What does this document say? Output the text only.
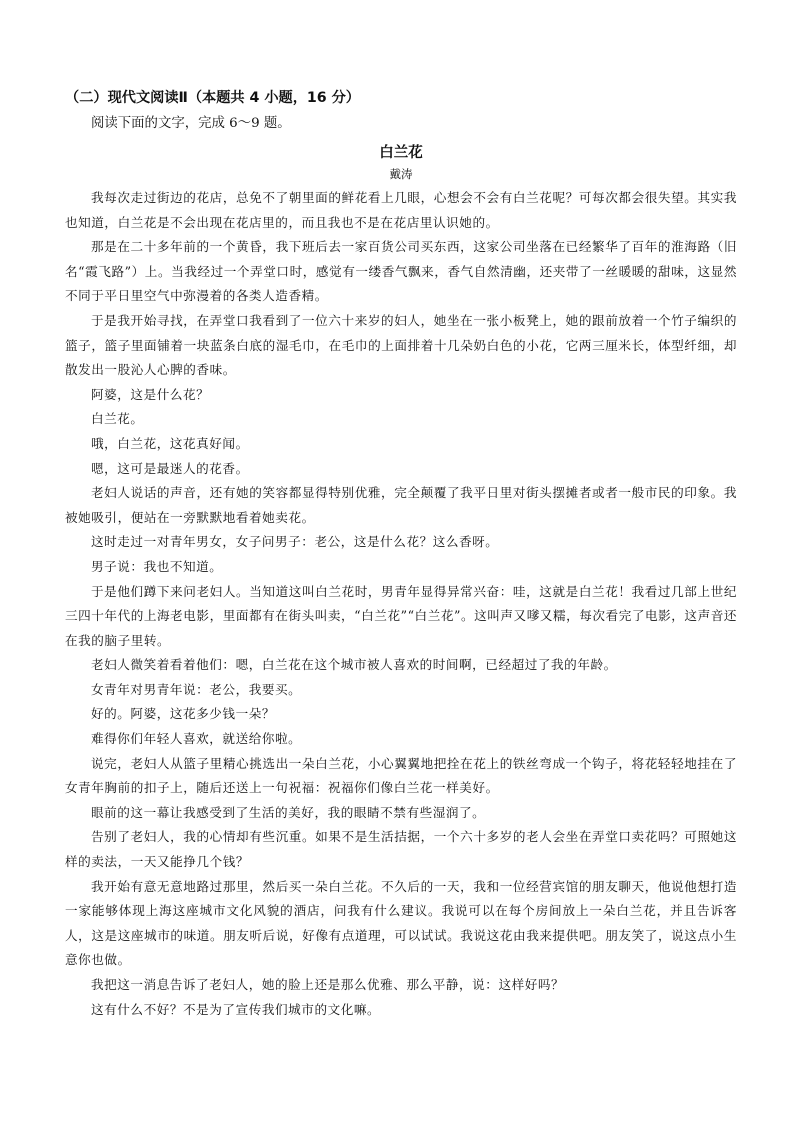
（二）现代文阅读Ⅱ（本题共 4 小题，16 分）
阅读下面的文字，完成 6～9 题。
白兰花
戴涛

我每次走过街边的花店，总免不了朝里面的鲜花看上几眼，心想会不会有白兰花呢？可每次都会很失望。其实我也知道，白兰花是不会出现在花店里的，而且我也不是在花店里认识她的。

那是在二十多年前的一个黄昏，我下班后去一家百货公司买东西，这家公司坐落在已经繁华了百年的淮海路（旧名“霞飞路”）上。当我经过一个弄堂口时，感觉有一缕香气飘来，香气自然清幽，还夹带了一丝暖暖的甜味，这显然不同于平日里空气中弥漫着的各类人造香精。

于是我开始寻找，在弄堂口我看到了一位六十来岁的妇人，她坐在一张小板凳上，她的跟前放着一个竹子编织的篮子，篮子里面铺着一块蓝条白底的湿毛巾，在毛巾的上面排着十几朵奶白色的小花，它两三厘米长，体型纤细，却散发出一股沁人心脾的香味。

阿婆，这是什么花？

白兰花。

哦，白兰花，这花真好闻。

嗯，这可是最迷人的花香。

老妇人说话的声音，还有她的笑容都显得特别优雅，完全颠覆了我平日里对街头摆摊者或者一般市民的印象。我被她吸引，便站在一旁默默地看着她卖花。

这时走过一对青年男女，女子问男子：老公，这是什么花？这么香呀。

男子说：我也不知道。

于是他们蹲下来问老妇人。当知道这叫白兰花时，男青年显得异常兴奋：哇，这就是白兰花！我看过几部上世纪三四十年代的上海老电影，里面都有在街头叫卖，“白兰花”“白兰花”。这叫声又嗲又糯，每次看完了电影，这声音还在我的脑子里转。

老妇人微笑着看着他们：嗯，白兰花在这个城市被人喜欢的时间啊，已经超过了我的年龄。

女青年对男青年说：老公，我要买。

好的。阿婆，这花多少钱一朵？

难得你们年轻人喜欢，就送给你啦。

说完，老妇人从篮子里精心挑选出一朵白兰花，小心翼翼地把拴在花上的铁丝弯成一个钩子，将花轻轻地挂在了女青年胸前的扣子上，随后还送上一句祝福：祝福你们像白兰花一样美好。

眼前的这一幕让我感受到了生活的美好，我的眼睛不禁有些湿润了。

告别了老妇人，我的心情却有些沉重。如果不是生活拮据，一个六十多岁的老人会坐在弄堂口卖花吗？可照她这样的卖法，一天又能挣几个钱？

我开始有意无意地路过那里，然后买一朵白兰花。不久后的一天，我和一位经营宾馆的朋友聊天，他说他想打造一家能够体现上海这座城市文化风貌的酒店，问我有什么建议。我说可以在每个房间放上一朵白兰花，并且告诉客人，这是这座城市的味道。朋友听后说，好像有点道理，可以试试。我说这花由我来提供吧。朋友笑了，说这点小生意你也做。

我把这一消息告诉了老妇人，她的脸上还是那么优雅、那么平静，说：这样好吗？

这有什么不好？不是为了宣传我们城市的文化嘛。
